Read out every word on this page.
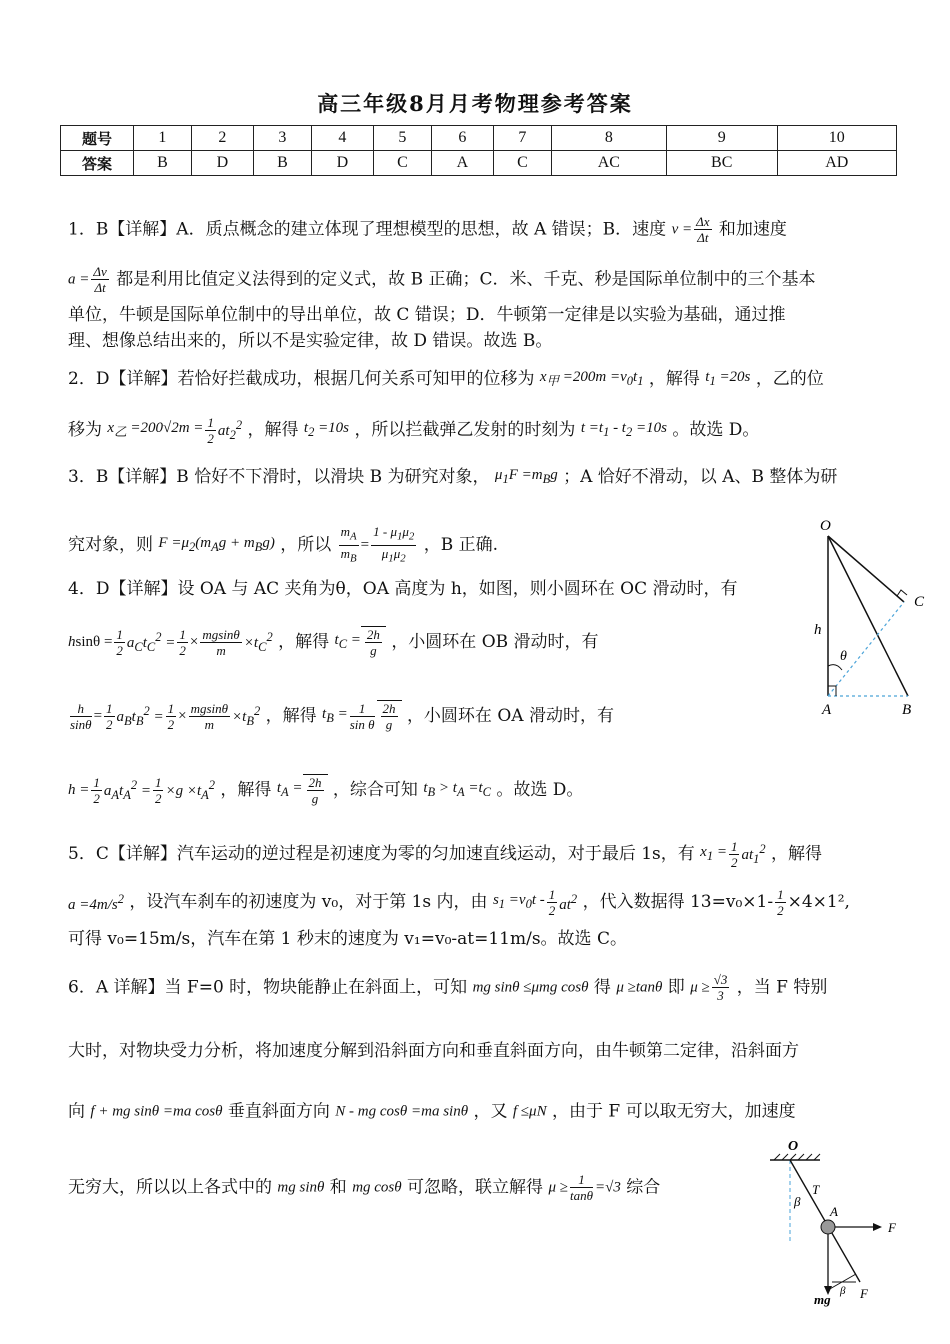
高三年级8月月考物理参考答案
题号	1	2	3	4	5	6	7	8	9	10
答案	B	D	B	D	C	A	C	AC	BC	AD
1．B【详解】A．质点概念的建立体现了理想模型的思想，故 A 错误；B．速度 $v = \frac{\Delta x}{\Delta t}$ 和加速度
$a = \frac{\Delta v}{\Delta t}$ 都是利用比值定义法得到的定义式，故 B 正确；C．米、千克、秒是国际单位制中的三个基本
单位，牛顿是国际单位制中的导出单位，故 C 错误；D．牛顿第一定律是以实验为基础，通过推
理、想像总结出来的，所以不是实验定律，故 D 错误。故选 B。
2．D【详解】若恰好拦截成功，根据几何关系可知甲的位移为 $x_甲 =200m =v_0t_1$ ，解得 $t_1 =20s$ ，乙的位
移为 $x_乙 =200√2m = \frac{1}{2} at_2^2$ ，解得 $t_2 =10s$ ，所以拦截弹乙发射的时刻为 $t =t_1 - t_2 =10s$ 。故选 D。
3．B【详解】B 恰好不下滑时，以滑块 B 为研究对象， $\mu_1F =m_Bg$ ；A 恰好不滑动，以 A、B 整体为研
究对象，则 $F =\mu_2(m_Ag + m_Bg)$ ，所以 $\frac{m_A}{m_B} = \frac{1 - \mu_1\mu_2}{\mu_1\mu_2}$ ，B 正确.
O
C
h
θ
A	B
4．D【详解】设 OA 与 AC 夹角为θ，OA 高度为 h，如图，则小圆环在 OC 滑动时，有
$hsin\theta = \frac{1}{2} a_Ct_C^2 = \frac{1}{2} \times \frac{mgsin\theta}{m} \times t_C^2$ ，解得 $t_C = \frac{2h}{g}$ ，小圆环在 OB 滑动时，有
$\frac{h}{\sin\theta} = \frac{1}{2} a_Bt_B^2 = \frac{1}{2} \times \frac{mgsin\theta}{m} \times t_B^2$ ，解得 $t_B = \frac{1}{\text{sin θ}} \frac{2h}{g}$ ，小圆环在 OA 滑动时，有
$h = \frac{1}{2} a_At_A^2 = \frac{1}{2} \times g \times t_A^2$ ，解得 $t_A = \frac{2h}{g}$ ，综合可知 $t_B > t_A =t_C$ 。故选 D。
5．C【详解】汽车运动的逆过程是初速度为零的匀加速直线运动，对于最后 1s，有 $x_1 = \frac{1}{2} at_1^2$ ，解得
$a =4m/s^2$ ，设汽车刹车的初速度为 v₀，对于第 1s 内，由 $s_1 =v_0t - \frac{1}{2} at^2$ ，代入数据得 $13=v_0\times 1- \frac{1}{2} \times 4\times 1^2$,
可得 v₀=15m/s，汽车在第 1 秒末的速度为 v₁=v₀-at=11m/s。故选 C。
6．A 详解】当 F=0 时，物块能静止在斜面上，可知 mg sinθ ≤μmg cosθ 得 μ ≥tanθ 即 $\mu \ge \frac{√3}{3}$ ，当 F 特别
大时，对物块受力分析，将加速度分解到沿斜面方向和垂直斜面方向，由牛顿第二定律，沿斜面方
向 f + mg sinθ =ma cosθ 垂直斜面方向 N - mg cosθ =ma sinθ ，又 f ≤μN ，由于 F 可以取无穷大，加速度
无穷大，所以以上各式中的 mg sinθ 和 mg cosθ 可忽略，联立解得 $\mu \ge \frac{1}{\tan\theta} =√3$ 综合
O
T
β
A
F
mg
β F
